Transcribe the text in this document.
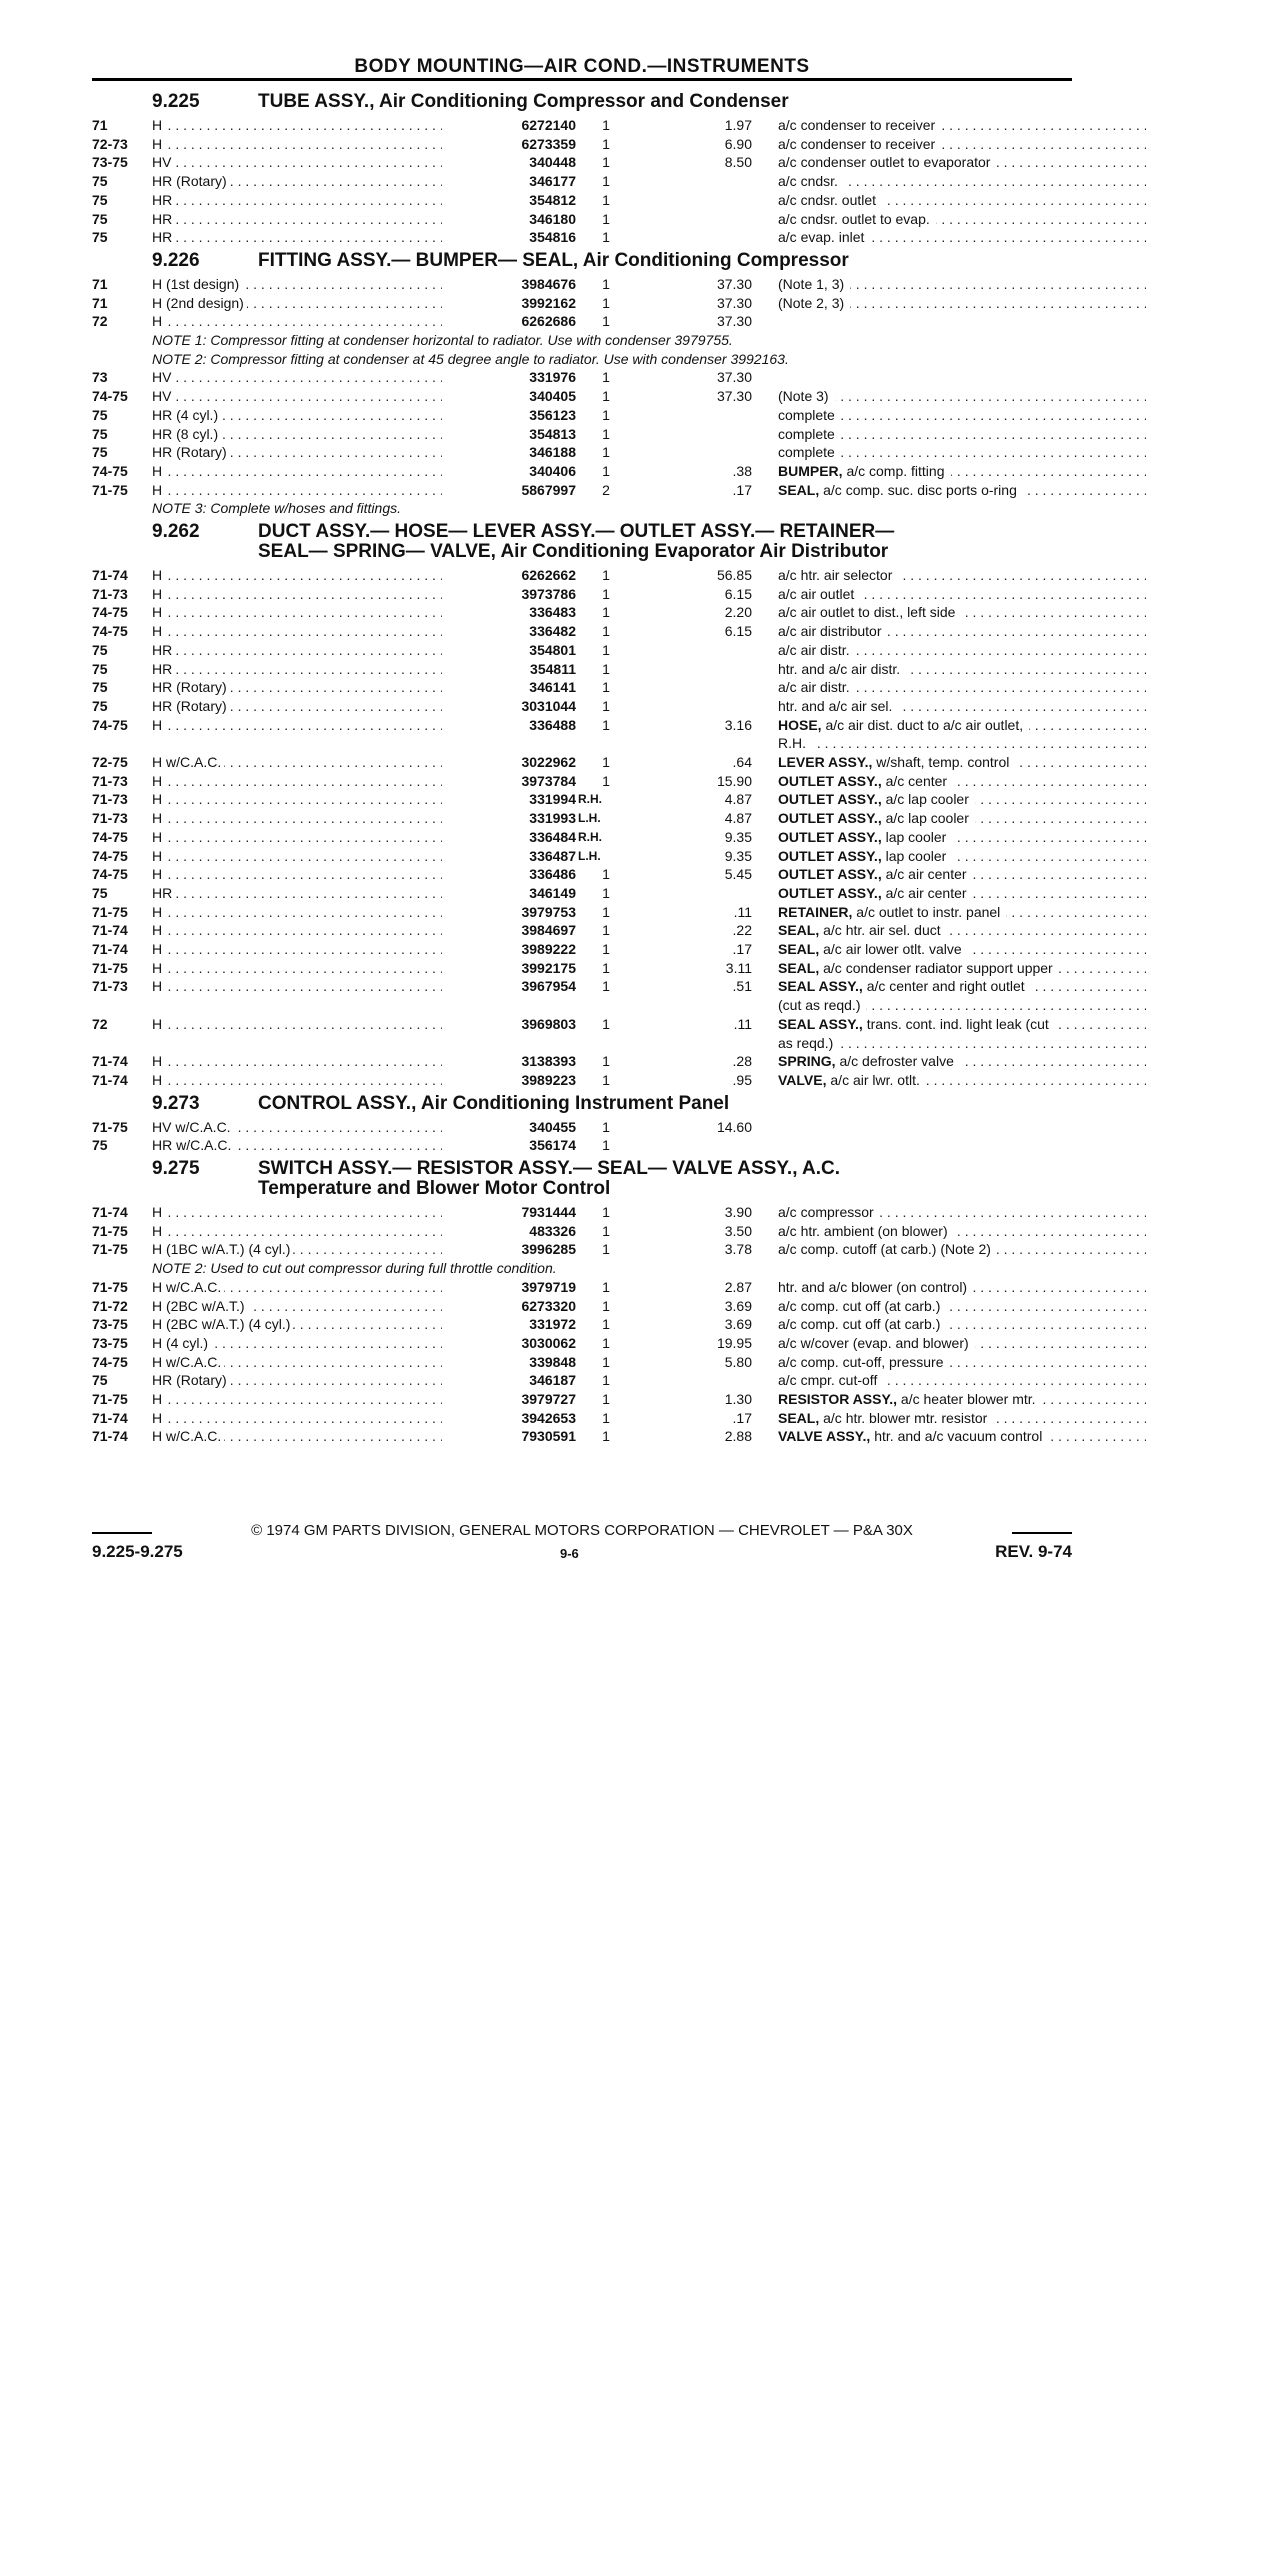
BODY MOUNTING—AIR COND.—INSTRUMENTS
9.225	TUBE ASSY., Air Conditioning Compressor and Condenser
71	H . . .	6272140	1	1.97 a/c condenser to receiver . . .
72-73	H . . .	6273359	1	6.90 a/c condenser to receiver . . .
73-75	HV . . .	340448	1	8.50 a/c condenser outlet to evaporator . . .
75	HR (Rotary) . . .	346177	1	a/c cndsr. . . .
75	HR . . .	354812	1	a/c cndsr. outlet . . .
75	HR . . .	346180	1	a/c cndsr. outlet to evap. . . .
75	HR . . .	354816	1	a/c evap. inlet . . .
9.226	FITTING ASSY.— BUMPER— SEAL, Air Conditioning Compressor
71	H (1st design) . . .	3984676	1	37.30 (Note 1, 3) . . .
71	H (2nd design) . . .	3992162	1	37.30 (Note 2, 3) . . .
72	H . . .	6262686	1	37.30
NOTE 1: Compressor fitting at condenser horizontal to radiator. Use with condenser 3979755.
NOTE 2: Compressor fitting at condenser at 45 degree angle to radiator. Use with condenser 3992163.
73	HV . . .	331976	1	37.30
74-75	HV . . .	340405	1	37.30 (Note 3) . . .
75	HR (4 cyl.) . . .	356123	1	complete . . .
75	HR (8 cyl.) . . .	354813	1	complete . . .
75	HR (Rotary) . . .	346188	1	complete . . .
74-75	H . . .	340406	1	.38 BUMPER, a/c comp. fitting . . .
71-75	H . . .	5867997	2	.17 SEAL, a/c comp. suc. disc ports o-ring . . .
NOTE 3: Complete w/hoses and fittings.
9.262	DUCT ASSY.— HOSE— LEVER ASSY.— OUTLET ASSY.— RETAINER—
SEAL— SPRING— VALVE, Air Conditioning Evaporator Air Distributor
71-74	H . . .	6262662	1	56.85 a/c htr. air selector . . .
71-73	H . . .	3973786	1	6.15 a/c air outlet . . .
74-75	H . . .	336483	1	2.20 a/c air outlet to dist., left side . . .
74-75	H . . .	336482	1	6.15 a/c air distributor . . .
75	HR . . .	354801	1	a/c air distr. . . .
75	HR . . .	354811	1	htr. and a/c air distr. . . .
75	HR (Rotary) . . .	346141	1	a/c air distr. . . .
75	HR (Rotary) . . .	3031044	1	htr. and a/c air sel. . . .
74-75	H . . .	336488	1	3.16 HOSE, a/c air dist. duct to a/c air outlet, . . .
R.H. . . .
72-75	H w/C.A.C. . . .	3022962	1	.64 LEVER ASSY., w/shaft, temp. control . . .
71-73	H . . .	3973784	1	15.90 OUTLET ASSY., a/c center . . .
71-73	H . . .	331994 R.H.	4.87 OUTLET ASSY., a/c lap cooler . . .
71-73	H . . .	331993 L.H.	4.87 OUTLET ASSY., a/c lap cooler . . .
74-75	H . . .	336484 R.H.	9.35 OUTLET ASSY., lap cooler . . .
74-75	H . . .	336487 L.H.	9.35 OUTLET ASSY., lap cooler . . .
74-75	H . . .	336486	1	5.45 OUTLET ASSY., a/c air center . . .
75	HR . . .	346149	1	OUTLET ASSY., a/c air center . . .
71-75	H . . .	3979753	1	.11 RETAINER, a/c outlet to instr. panel . . .
71-74	H . . .	3984697	1	.22 SEAL, a/c htr. air sel. duct . . .
71-74	H . . .	3989222	1	.17 SEAL, a/c air lower otlt. valve . . .
71-75	H . . .	3992175	1	3.11 SEAL, a/c condenser radiator support upper . . .
71-73	H . . .	3967954	1	.51 SEAL ASSY., a/c center and right outlet . . .
(cut as reqd.) . . .
72	H . . .	3969803	1	.11 SEAL ASSY., trans. cont. ind. light leak (cut . . .
as reqd.) . . .
71-74	H . . .	3138393	1	.28 SPRING, a/c defroster valve . . .
71-74	H . . .	3989223	1	.95 VALVE, a/c air lwr. otlt. . . .
9.273	CONTROL ASSY., Air Conditioning Instrument Panel
71-75	HV w/C.A.C. . . .	340455	1	14.60
75	HR w/C.A.C. . . .	356174	1
9.275	SWITCH ASSY.— RESISTOR ASSY.— SEAL— VALVE ASSY., A.C.
Temperature and Blower Motor Control
71-74	H . . .	7931444	1	3.90 a/c compressor . . .
71-75	H . . .	483326	1	3.50 a/c htr. ambient (on blower) . . .
71-75	H (1BC w/A.T.) (4 cyl.) . . .	3996285	1	3.78 a/c comp. cutoff (at carb.) (Note 2) . . .
NOTE 2: Used to cut out compressor during full throttle condition.
71-75	H w/C.A.C. . . .	3979719	1	2.87 htr. and a/c blower (on control) . . .
71-72	H (2BC w/A.T.) . . .	6273320	1	3.69 a/c comp. cut off (at carb.) . . .
73-75	H (2BC w/A.T.) (4 cyl.) . . .	331972	1	3.69 a/c comp. cut off (at carb.) . . .
73-75	H (4 cyl.) . . .	3030062	1	19.95 a/c w/cover (evap. and blower) . . .
74-75	H w/C.A.C. . . .	339848	1	5.80 a/c comp. cut-off, pressure . . .
75	HR (Rotary) . . .	346187	1	a/c cmpr. cut-off . . .
71-75	H . . .	3979727	1	1.30 RESISTOR ASSY., a/c heater blower mtr. . . .
71-74	H . . .	3942653	1	.17 SEAL, a/c htr. blower mtr. resistor . . .
71-74	H w/C.A.C. . . .	7930591	1	2.88 VALVE ASSY., htr. and a/c vacuum control . . .
© 1974 GM PARTS DIVISION, GENERAL MOTORS CORPORATION — CHEVROLET — P&A 30X
9.225-9.275	9-6	REV. 9-74
